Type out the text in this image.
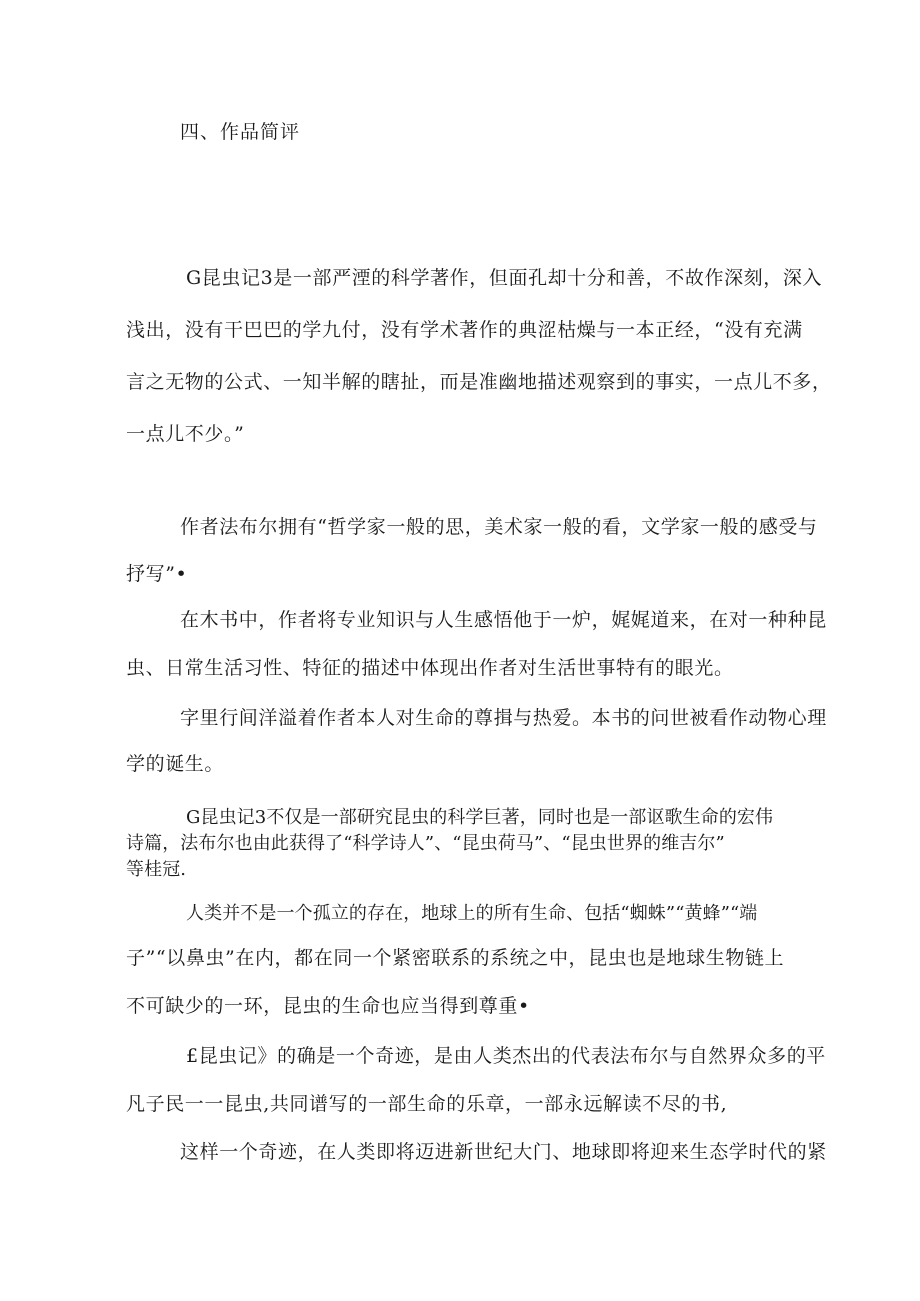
四、作品简评
G昆虫记3是一部严湮的科学著作，但面孔却十分和善，不故作深刻，深入
浅出，没有干巴巴的学九付，没有学术著作的典涩枯燥与一本正经，“没有充满
言之无物的公式、一知半解的瞎扯，而是准幽地描述观察到的事实，一点儿不多，
一点儿不少。”
作者法布尔拥有“哲学家一般的思，美术家一般的看，文学家一般的感受与
抒写”•
在木书中，作者将专业知识与人生感悟他于一炉，娓娓道来，在对一种种昆
虫、日常生活习性、特征的描述中体现出作者对生活世事特有的眼光。
字里行间洋溢着作者本人对生命的尊揖与热爱。本书的问世被看作动物心理
学的诞生。
G昆虫记3不仅是一部研究昆虫的科学巨著，同时也是一部讴歌生命的宏伟
诗篇，法布尔也由此获得了“科学诗人”、“昆虫荷马”、“昆虫世界的维吉尔”
等桂冠.
人类并不是一个孤立的存在，地球上的所有生命、包括“蜘蛛”“黄蜂”“端
子”“以鼻虫”在内，都在同一个紧密联系的系统之中，昆虫也是地球生物链上
不可缺少的一环，昆虫的生命也应当得到尊重•
£昆虫记》的确是一个奇迹，是由人类杰出的代表法布尔与自然界众多的平
凡子民一一昆虫,共同谱写的一部生命的乐章，一部永远解读不尽的书,
这样一个奇迹，在人类即将迈进新世纪大门、地球即将迎来生态学时代的紧
